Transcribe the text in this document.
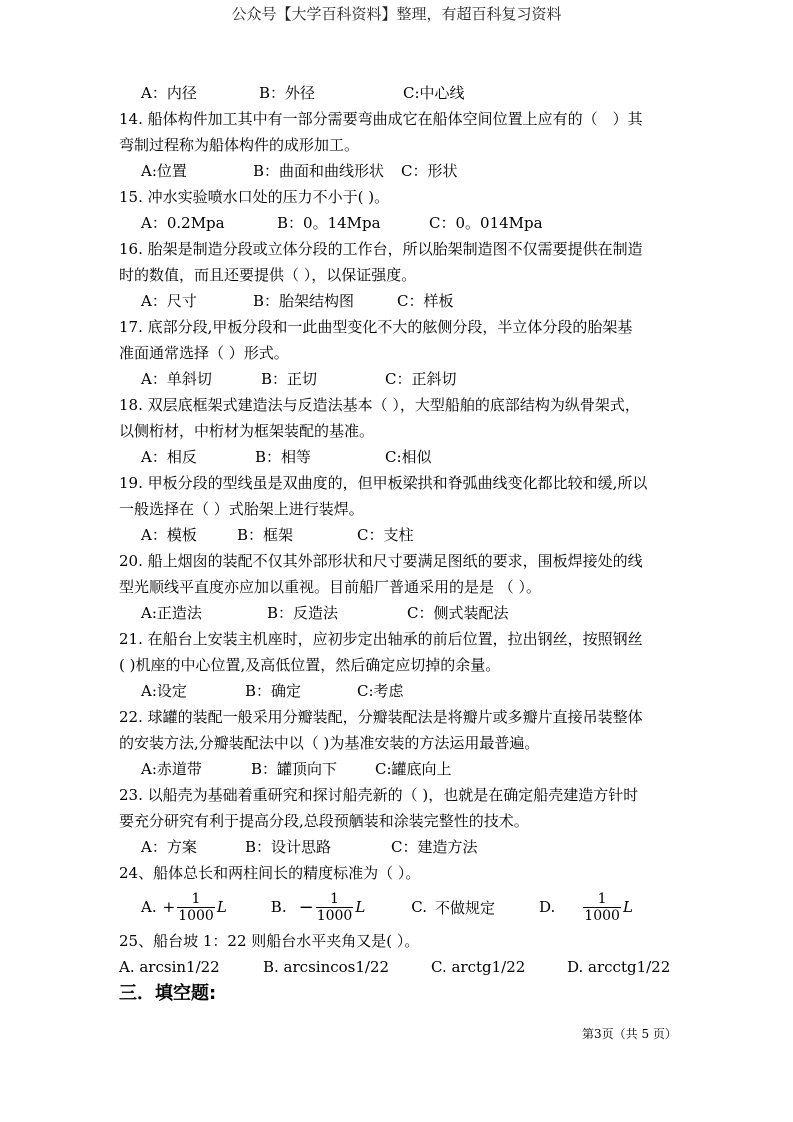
公众号【大学百科资料】整理，有超百科复习资料
A：内径	B：外径	C:中心线
14. 船体构件加工其中有一部分需要弯曲成它在船体空间位置上应有的（　）其
弯制过程称为船体构件的成形加工。
A:位置	B：曲面和曲线形状 C：形状
15. 冲水实验喷水口处的压力不小于( )。
A：0.2Mpa	B：0。14Mpa	C：0。014Mpa
16. 胎架是制造分段或立体分段的工作台，所以胎架制造图不仅需要提供在制造
时的数值，而且还要提供（ ），以保证强度。
A：尺寸	B：胎架结构图	C：样板
17. 底部分段,甲板分段和一此曲型变化不大的舷侧分段，半立体分段的胎架基
准面通常选择（ ）形式。
A：单斜切	B：正切	C：正斜切
18. 双层底框架式建造法与反造法基本（ ），大型船舶的底部结构为纵骨架式，
以侧桁材，中桁材为框架装配的基准。
A：相反	B：相等	C:相似
19. 甲板分段的型线虽是双曲度的，但甲板梁拱和脊弧曲线变化都比较和缓,所以
一般选择在（ ）式胎架上进行装焊。
A：模板	B：框架	C：支柱
20. 船上烟囱的装配不仅其外部形状和尺寸要满足图纸的要求，围板焊接处的线
型光顺线平直度亦应加以重视。目前船厂普通采用的是是 （ ）。
A:正造法	B：反造法	C：侧式装配法
21. 在船台上安装主机座时，应初步定出轴承的前后位置，拉出钢丝，按照钢丝
( )机座的中心位置,及高低位置，然后确定应切掉的余量。
A:设定	B：确定	C:考虑
22. 球罐的装配一般采用分瓣装配，分瓣装配法是将瓣片或多瓣片直接吊装整体
的安装方法,分瓣装配法中以（ )为基准安装的方法运用最普遍。
A:赤道带	B：罐顶向下	C:罐底向上
23. 以船壳为基础着重研究和探讨船壳新的（ )，也就是在确定船壳建造方针时
要充分研究有利于提高分段,总段预舾装和涂装完整性的技术。
A：方案	B：设计思路	C：建造方法
24、船体总长和两柱间长的精度标准为（ ）。
A. + $\frac{1}{1000}$ L	B. − $\frac{1}{1000}$ L	C. 不做规定	D. $\frac{1}{1000}$ L
25、船台坡 1：22 则船台水平夹角又是( ）。
A. arcsin1/22	B. arcsincos1/22	C. arctg1/22	D. arcctg1/22
三．填空题:
第3页（共 5 页）
